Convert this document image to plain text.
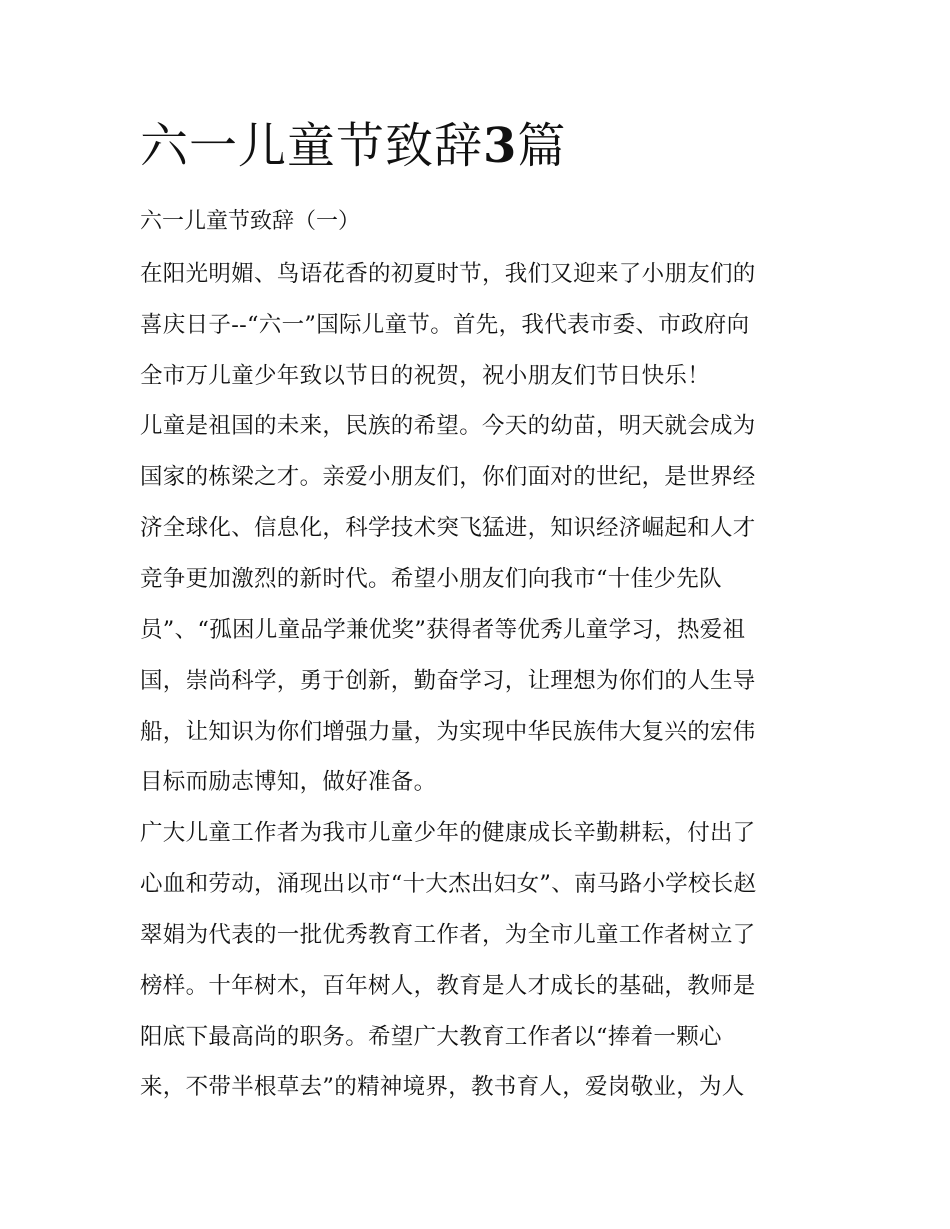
六一儿童节致辞3篇
六一儿童节致辞（一）
在阳光明媚、鸟语花香的初夏时节，我们又迎来了小朋友们的
喜庆日子--“六一”国际儿童节。首先，我代表市委、市政府向
全市万儿童少年致以节日的祝贺，祝小朋友们节日快乐！
儿童是祖国的未来，民族的希望。今天的幼苗，明天就会成为
国家的栋梁之才。亲爱小朋友们，你们面对的世纪，是世界经
济全球化、信息化，科学技术突飞猛进，知识经济崛起和人才
竞争更加激烈的新时代。希望小朋友们向我市“十佳少先队
员”、“孤困儿童品学兼优奖”获得者等优秀儿童学习，热爱祖
国，崇尚科学，勇于创新，勤奋学习，让理想为你们的人生导
船，让知识为你们增强力量，为实现中华民族伟大复兴的宏伟
目标而励志博知，做好准备。
广大儿童工作者为我市儿童少年的健康成长辛勤耕耘，付出了
心血和劳动，涌现出以市“十大杰出妇女”、南马路小学校长赵
翠娟为代表的一批优秀教育工作者，为全市儿童工作者树立了
榜样。十年树木，百年树人，教育是人才成长的基础，教师是
阳底下最高尚的职务。希望广大教育工作者以“捧着一颗心
来，不带半根草去”的精神境界，教书育人，爱岗敬业，为人
